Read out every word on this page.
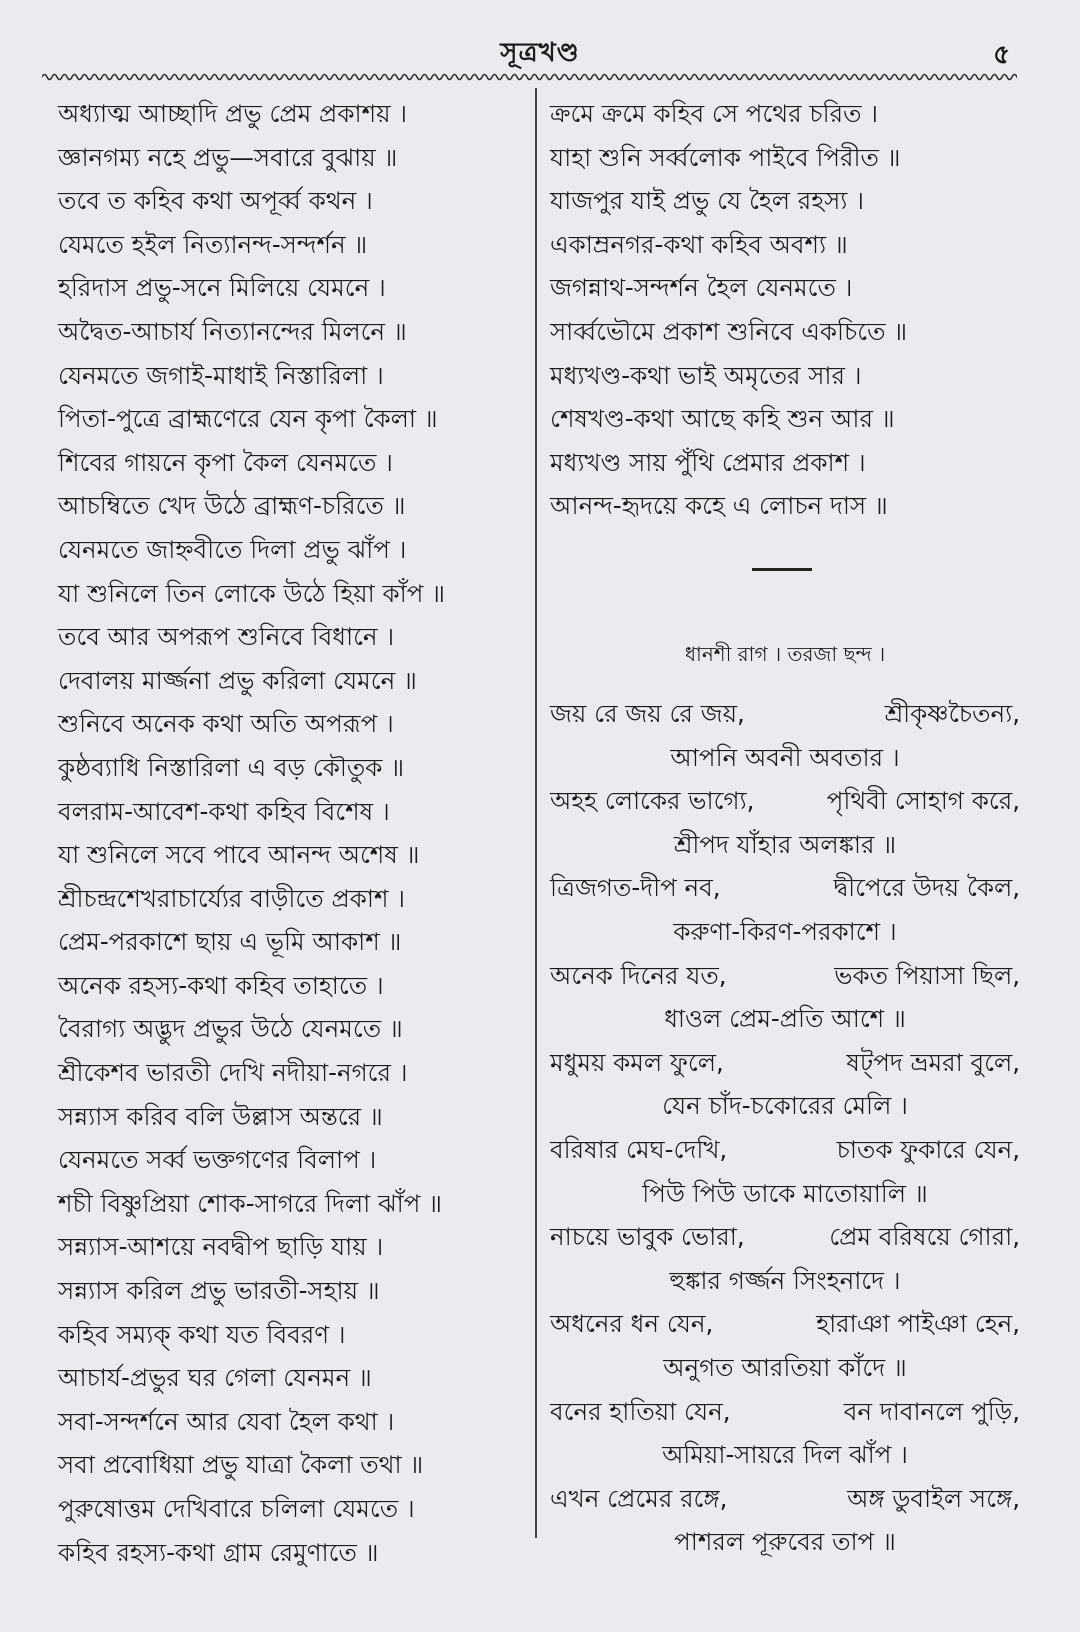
সূত্রখণ্ড	৫
অধ্যাত্ম আচ্ছাদি প্রভু প্রেম প্রকাশয় ।
জ্ঞানগম্য নহে প্রভু—সবারে বুঝায় ॥
তবে ত কহিব কথা অপূর্ব্ব কথন ।
যেমতে হইল নিত্যানন্দ-সন্দর্শন ॥
হরিদাস প্রভু-সনে মিলিয়ে যেমনে ।
অদ্বৈত-আচার্য নিত্যানন্দের মিলনে ॥
যেনমতে জগাই-মাধাই নিস্তারিলা ।
পিতা-পুত্রে ব্রাহ্মণেরে যেন কৃপা কৈলা ॥
শিবের গায়নে কৃপা কৈল যেনমতে ।
আচম্বিতে খেদ উঠে ব্রাহ্মণ-চরিতে ॥
যেনমতে জাহ্নবীতে দিলা প্রভু ঝাঁপ ।
যা শুনিলে তিন লোকে উঠে হিয়া কাঁপ ॥
তবে আর অপরূপ শুনিবে বিধানে ।
দেবালয় মার্জ্জনা প্রভু করিলা যেমনে ॥
শুনিবে অনেক কথা অতি অপরূপ ।
কুষ্ঠব্যাধি নিস্তারিলা এ বড় কৌতুক ॥
বলরাম-আবেশ-কথা কহিব বিশেষ ।
যা শুনিলে সবে পাবে আনন্দ অশেষ ॥
শ্রীচন্দ্রশেখরাচার্য্যের বাড়ীতে প্রকাশ ।
প্রেম-পরকাশে ছায় এ ভূমি আকাশ ॥
অনেক রহস্য-কথা কহিব তাহাতে ।
বৈরাগ্য অদ্ভুদ প্রভুর উঠে যেনমতে ॥
শ্রীকেশব ভারতী দেখি নদীয়া-নগরে ।
সন্ন্যাস করিব বলি উল্লাস অন্তরে ॥
যেনমতে সর্ব্ব ভক্তগণের বিলাপ ।
শচী বিষ্ণুপ্রিয়া শোক-সাগরে দিলা ঝাঁপ ॥
সন্ন্যাস-আশয়ে নবদ্বীপ ছাড়ি যায় ।
সন্ন্যাস করিল প্রভু ভারতী-সহায় ॥
কহিব সম্যক্ কথা যত বিবরণ ।
আচার্য-প্রভুর ঘর গেলা যেনমন ॥
সবা-সন্দর্শনে আর যেবা হৈল কথা ।
সবা প্রবোধিয়া প্রভু যাত্রা কৈলা তথা ॥
পুরুষোত্তম দেখিবারে চলিলা যেমতে ।
কহিব রহস্য-কথা গ্রাম রেমুণাতে ॥
ক্রমে ক্রমে কহিব সে পথের চরিত ।
যাহা শুনি সর্ব্বলোক পাইবে পিরীত ॥
যাজপুর যাই প্রভু যে হৈল রহস্য ।
একাম্রনগর-কথা কহিব অবশ্য ॥
জগন্নাথ-সন্দর্শন হৈল যেনমতে ।
সার্ব্বভৌমে প্রকাশ শুনিবে একচিতে ॥
মধ্যখণ্ড-কথা ভাই অমৃতের সার ।
শেষখণ্ড-কথা আছে কহি শুন আর ॥
মধ্যখণ্ড সায় পুঁথি প্রেমার প্রকাশ ।
আনন্দ-হৃদয়ে কহে এ লোচন দাস ॥
ধানশী রাগ । তরজা ছন্দ ।
জয় রে জয় রে জয়,	শ্রীকৃষ্ণচৈতন্য,
আপনি অবনী অবতার ।
অহহ লোকের ভাগ্যে,	পৃথিবী সোহাগ করে,
শ্রীপদ যাঁহার অলঙ্কার ॥
ত্রিজগত-দীপ নব,	দ্বীপেরে উদয় কৈল,
করুণা-কিরণ-পরকাশে ।
অনেক দিনের যত,	ভকত পিয়াসা ছিল,
ধাওল প্রেম-প্রতি আশে ॥
মধুময় কমল ফুলে,	ষট্পদ ভ্রমরা বুলে,
যেন চাঁদ-চকোরের মেলি ।
বরিষার মেঘ-দেখি,	চাতক ফুকারে যেন,
পিউ পিউ ডাকে মাতোয়ালি ॥
নাচয়ে ভাবুক ভোরা,	প্রেম বরিষয়ে গোরা,
হুঙ্কার গর্জ্জন সিংহনাদে ।
অধনের ধন যেন,	হারাঞা পাইঞা হেন,
অনুগত আরতিয়া কাঁদে ॥
বনের হাতিয়া যেন,	বন দাবানলে পুড়ি,
অমিয়া-সায়রে দিল ঝাঁপ ।
এখন প্রেমের রঙ্গে,	অঙ্গ ডুবাইল সঙ্গে,
পাশরল পূরুবের তাপ ॥
